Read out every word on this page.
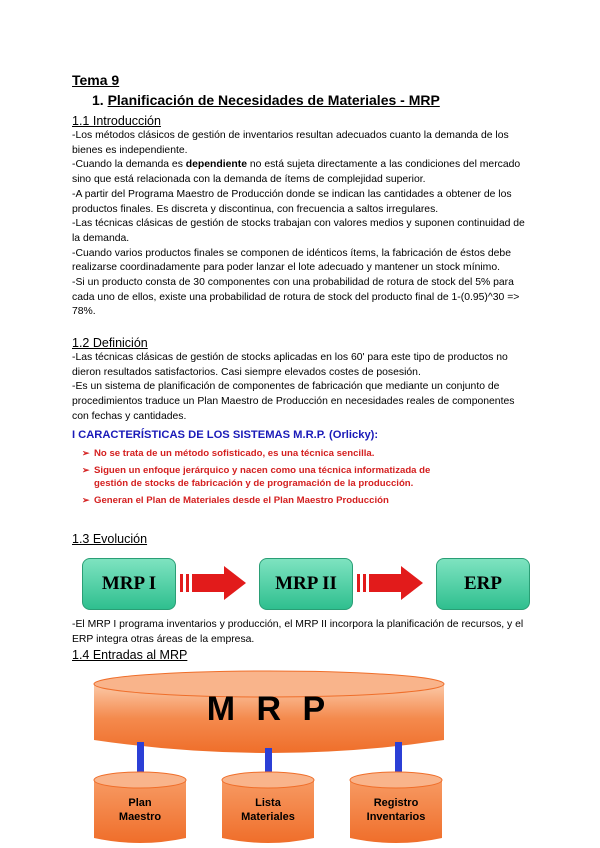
Tema 9
1. Planificación de Necesidades de Materiales - MRP
1.1 Introducción

-Los métodos clásicos de gestión de inventarios resultan adecuados cuanto la demanda de los bienes es independiente.

-Cuando la demanda es dependiente no está sujeta directamente a las condiciones del mercado sino que está relacionada con la demanda de ítems de complejidad superior.

-A partir del Programa Maestro de Producción donde se indican las cantidades a obtener de los productos finales. Es discreta y discontinua, con frecuencia a saltos irregulares.

-Las técnicas clásicas de gestión de stocks trabajan con valores medios y suponen continuidad de la demanda.

-Cuando varios productos finales se componen de idénticos ítems, la fabricación de éstos debe realizarse coordinadamente para poder lanzar el lote adecuado y mantener un stock mínimo.

-Si un producto consta de 30 componentes con una probabilidad de rotura de stock del 5% para cada uno de ellos, existe una probabilidad de rotura de stock del producto final de 1-(0.95)^30 => 78%.

1.2 Definición

-Las técnicas clásicas de gestión de stocks aplicadas en los 60' para este tipo de productos no dieron resultados satisfactorios. Casi siempre elevados costes de posesión.

-Es un sistema de planificación de componentes de fabricación que mediante un conjunto de procedimientos traduce un Plan Maestro de Producción en necesidades reales de componentes con fechas y cantidades.

I CARACTERÍSTICAS DE LOS SISTEMAS M.R.P. (Orlicky):
➢ No se trata de un método sofisticado, es una técnica sencilla.
➢ Siguen un enfoque jerárquico y nacen como una técnica informatizada de gestión de stocks de fabricación y de programación de la producción.
➢ Generan el Plan de Materiales desde el Plan Maestro Producción
1.3 Evolución
MRP I	MRP II	ERP
-El MRP I programa inventarios y producción, el MRP II incorpora la planificación de recursos, y el ERP integra otras áreas de la empresa.
1.4 Entradas al MRP
M R P
Plan
Maestro
Lista
Materiales
Registro
Inventarios
